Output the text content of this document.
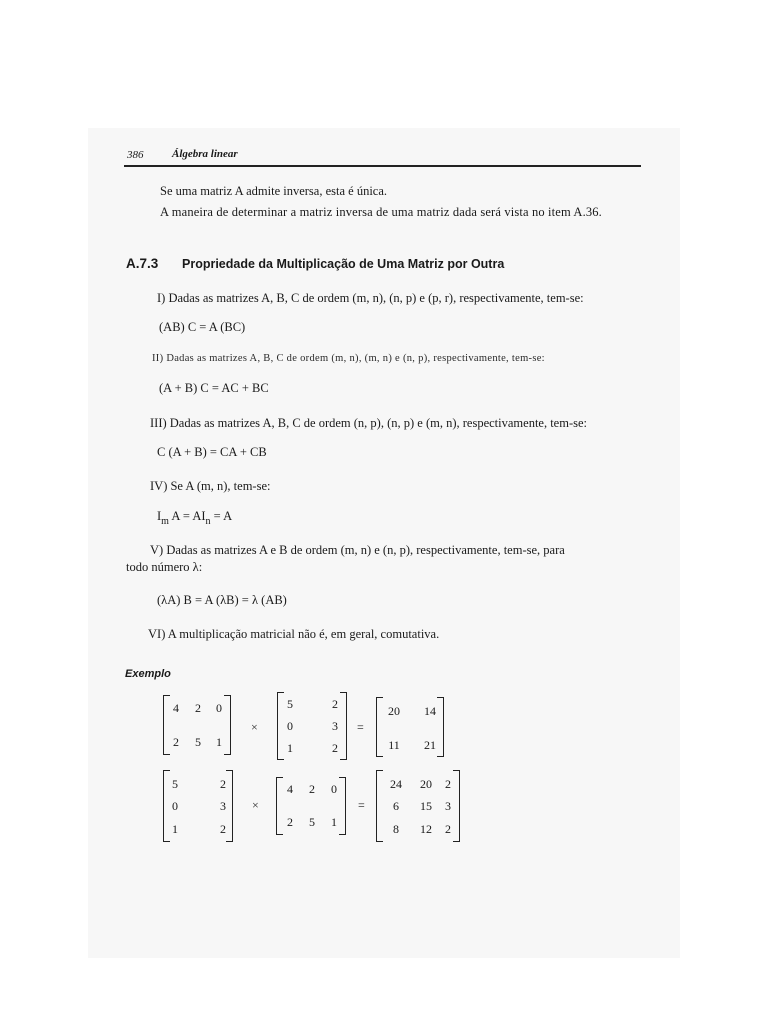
386	Álgebra linear
Se uma matriz A admite inversa, esta é única.
A maneira de determinar a matriz inversa de uma matriz dada será vista no item A.36.
A.7.3 Propriedade da Multiplicação de Uma Matriz por Outra
I) Dadas as matrizes A, B, C de ordem (m, n), (n, p) e (p, r), respectivamente, tem-se:
(AB) C = A (BC)
II) Dadas as matrizes A, B, C de ordem (m, n), (m, n) e (n, p), respectivamente, tem-se:
(A + B) C = AC + BC
III) Dadas as matrizes A, B, C de ordem (n, p), (n, p) e (m, n), respectivamente, tem-se:
C (A + B) = CA + CB
IV) Se A (m, n), tem-se:
$I_m$ $A = AI_n = A$
V) Dadas as matrizes A e B de ordem (m, n) e (n, p), respectivamente, tem-se, para
todo número λ:
(λA) B = A (λB) = λ (AB)
VI) A multiplicação matricial não é, em geral, comutativa.
Exemplo
4 2 0
2 5 1
×
5	2
0	3
1	2
=
20 14
11 21
5	2
0	3
1	2
×
4 2 0
2 5 1
=
24 20 2
6 15 3
8 12 2
